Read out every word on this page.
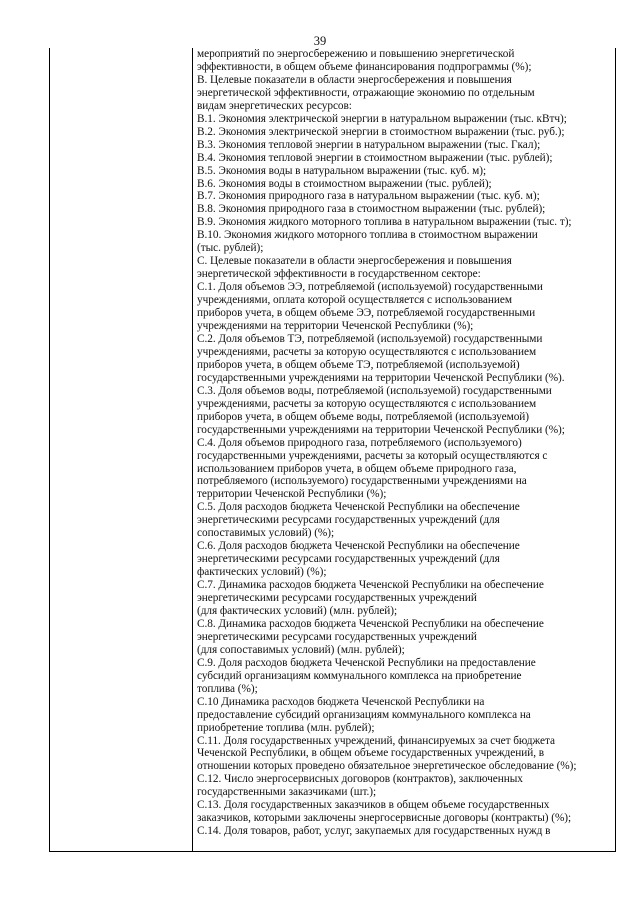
39
мероприятий по энергосбережению и повышению энергетической
эффективности, в общем объеме финансирования подпрограммы (%);
В. Целевые показатели в области энергосбережения и повышения
энергетической эффективности, отражающие экономию по отдельным
видам энергетических ресурсов:
В.1. Экономия электрической энергии в натуральном выражении (тыс. кВтч);
В.2. Экономия электрической энергии в стоимостном выражении (тыс. руб.);
В.3. Экономия тепловой энергии в натуральном выражении (тыс. Гкал);
В.4. Экономия тепловой энергии в стоимостном выражении (тыс. рублей);
В.5. Экономия воды в натуральном выражении (тыс. куб. м);
В.6. Экономия воды в стоимостном выражении (тыс. рублей);
В.7. Экономия природного газа в натуральном выражении (тыс. куб. м);
В.8. Экономия природного газа в стоимостном выражении (тыс. рублей);
В.9. Экономия жидкого моторного топлива в натуральном выражении (тыс. т);
В.10. Экономия жидкого моторного топлива в стоимостном выражении
(тыс. рублей);
С. Целевые показатели в области энергосбережения и повышения
энергетической эффективности в государственном секторе:
С.1. Доля объемов ЭЭ, потребляемой (используемой) государственными
учреждениями, оплата которой осуществляется с использованием
приборов учета, в общем объеме ЭЭ, потребляемой государственными
учреждениями на территории Чеченской Республики (%);
С.2. Доля объемов ТЭ, потребляемой (используемой) государственными
учреждениями, расчеты за которую осуществляются с использованием
приборов учета, в общем объеме ТЭ, потребляемой (используемой)
государственными учреждениями на территории Чеченской Республики (%).
С.3. Доля объемов воды, потребляемой (используемой) государственными
учреждениями, расчеты за которую осуществляются с использованием
приборов учета, в общем объеме воды, потребляемой (используемой)
государственными учреждениями на территории Чеченской Республики (%);
С.4. Доля объемов природного газа, потребляемого (используемого)
государственными учреждениями, расчеты за который осуществляются с
использованием приборов учета, в общем объеме природного газа,
потребляемого (используемого) государственными учреждениями на
территории Чеченской Республики (%);
С.5. Доля расходов бюджета Чеченской Республики на обеспечение
энергетическими ресурсами государственных учреждений (для
сопоставимых условий) (%);
С.6. Доля расходов бюджета Чеченской Республики на обеспечение
энергетическими ресурсами государственных учреждений (для
фактических условий) (%);
С.7. Динамика расходов бюджета Чеченской Республики на обеспечение
энергетическими ресурсами государственных учреждений
(для фактических условий) (млн. рублей);
С.8. Динамика расходов бюджета Чеченской Республики на обеспечение
энергетическими ресурсами государственных учреждений
(для сопоставимых условий) (млн. рублей);
С.9. Доля расходов бюджета Чеченской Республики на предоставление
субсидий организациям коммунального комплекса на приобретение
топлива (%);
С.10 Динамика расходов бюджета Чеченской Республики на
предоставление субсидий организациям коммунального комплекса на
приобретение топлива (млн. рублей);
С.11. Доля государственных учреждений, финансируемых за счет бюджета
Чеченской Республики, в общем объеме государственных учреждений, в
отношении которых проведено обязательное энергетическое обследование (%);
С.12. Число энергосервисных договоров (контрактов), заключенных
государственными заказчиками (шт.);
С.13. Доля государственных заказчиков в общем объеме государственных
заказчиков, которыми заключены энергосервисные договоры (контракты) (%);
С.14. Доля товаров, работ, услуг, закупаемых для государственных нужд в
